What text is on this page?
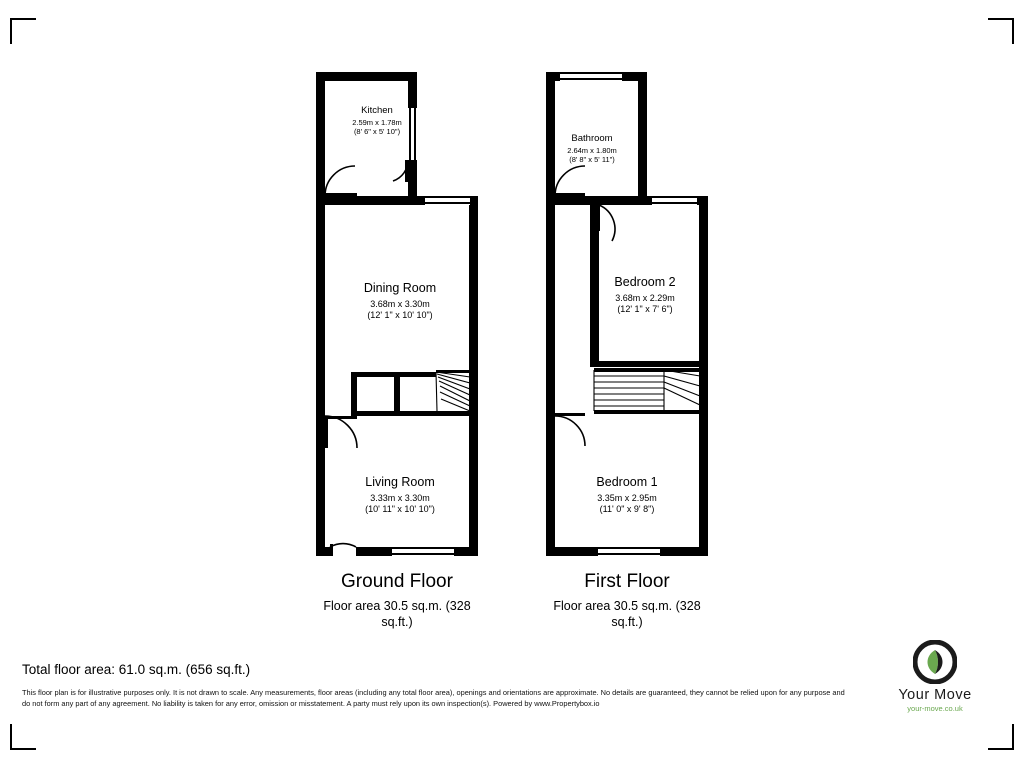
Kitchen
2.59m x 1.78m
(8' 6" x 5' 10")
Dining Room
3.68m x 3.30m
(12' 1" x 10' 10")
Living Room
3.33m x 3.30m
(10' 11" x 10' 10")
Bathroom
2.64m x 1.80m
(8' 8" x 5' 11")
Bedroom 2
3.68m x 2.29m
(12' 1" x 7' 6")
Bedroom 1
3.35m x 2.95m
(11' 0" x 9' 8")
Ground Floor
Floor area 30.5 sq.m. (328
sq.ft.)
First Floor
Floor area 30.5 sq.m. (328
sq.ft.)
Total floor area: 61.0 sq.m. (656 sq.ft.)
This floor plan is for illustrative purposes only. It is not drawn to scale. Any measurements, floor areas (including any total floor area), openings and orientations are approximate. No details are guaranteed, they cannot be relied upon for any purpose and do not form any part of any agreement. No liability is taken for any error, omission or misstatement. A party must rely upon its own inspection(s). Powered by www.Propertybox.io
Your Move
your-move.co.uk
